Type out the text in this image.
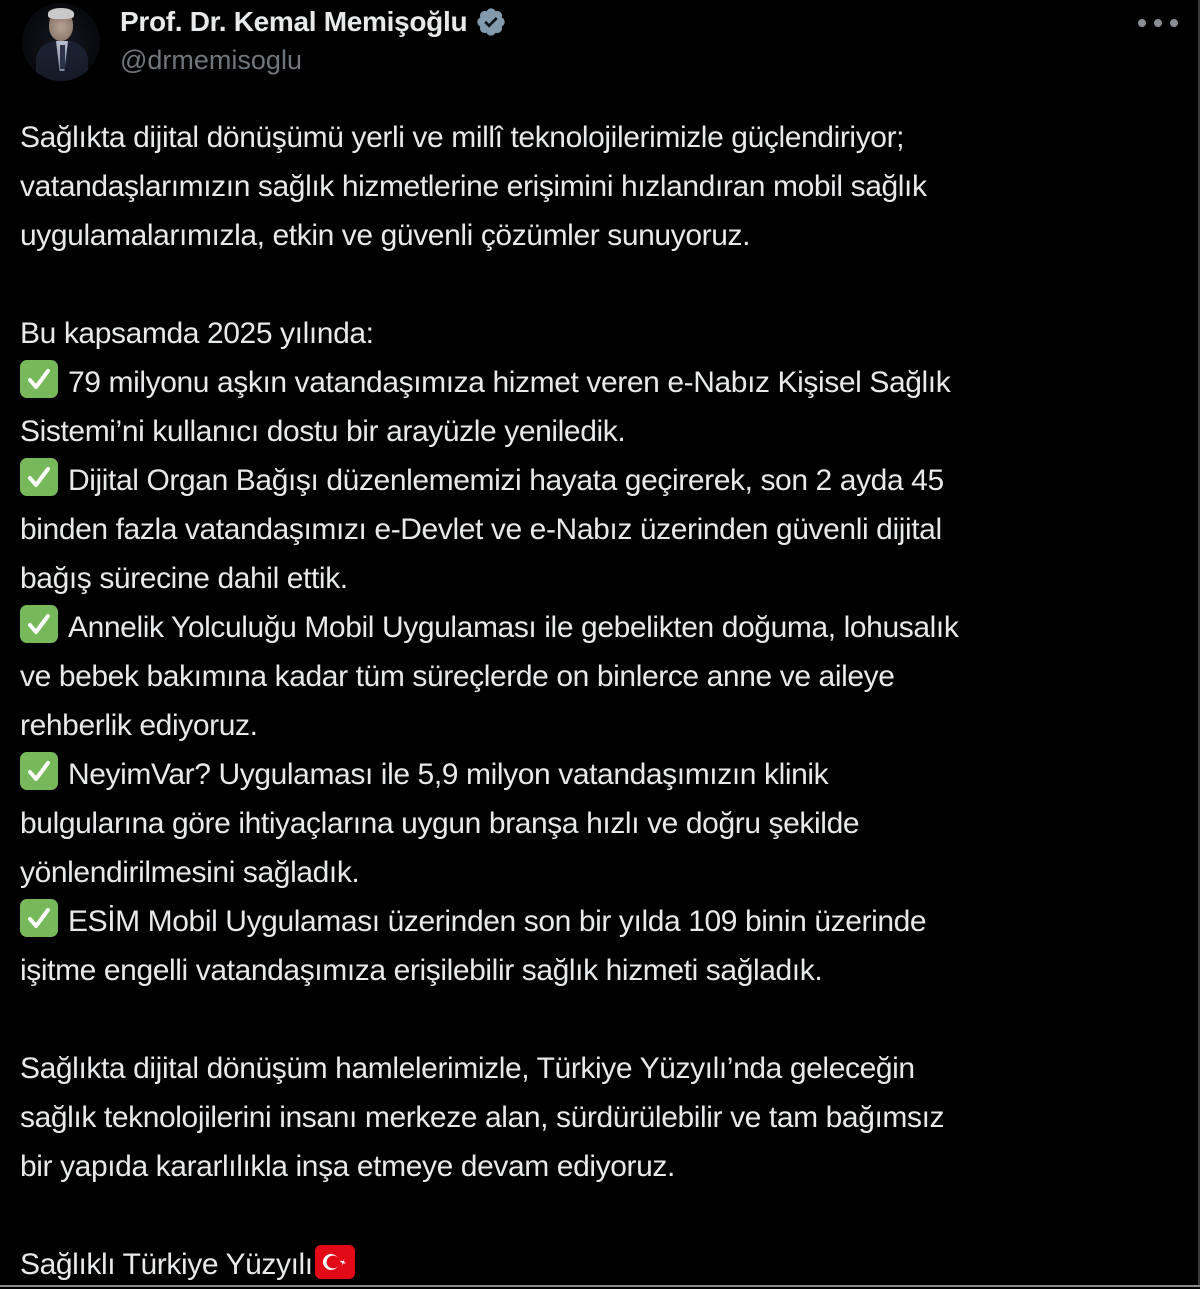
Prof. Dr. Kemal Memişoğlu
@drmemisoglu

Sağlıkta dijital dönüşümü yerli ve millî teknolojilerimizle güçlendiriyor;
vatandaşlarımızın sağlık hizmetlerine erişimini hızlandıran mobil sağlık
uygulamalarımızla, etkin ve güvenli çözümler sunuyoruz.

Bu kapsamda 2025 yılında:
79 milyonu aşkın vatandaşımıza hizmet veren e-Nabız Kişisel Sağlık
Sistemi’ni kullanıcı dostu bir arayüzle yeniledik.
Dijital Organ Bağışı düzenlememizi hayata geçirerek, son 2 ayda 45
binden fazla vatandaşımızı e-Devlet ve e-Nabız üzerinden güvenli dijital
bağış sürecine dahil ettik.
Annelik Yolculuğu Mobil Uygulaması ile gebelikten doğuma, lohusalık
ve bebek bakımına kadar tüm süreçlerde on binlerce anne ve aileye
rehberlik ediyoruz.
NeyimVar? Uygulaması ile 5,9 milyon vatandaşımızın klinik
bulgularına göre ihtiyaçlarına uygun branşa hızlı ve doğru şekilde
yönlendirilmesini sağladık.
ESİM Mobil Uygulaması üzerinden son bir yılda 109 binin üzerinde
işitme engelli vatandaşımıza erişilebilir sağlık hizmeti sağladık.

Sağlıkta dijital dönüşüm hamlelerimizle, Türkiye Yüzyılı’nda geleceğin
sağlık teknolojilerini insanı merkeze alan, sürdürülebilir ve tam bağımsız
bir yapıda kararlılıkla inşa etmeye devam ediyoruz.

Sağlıklı Türkiye Yüzyılı
